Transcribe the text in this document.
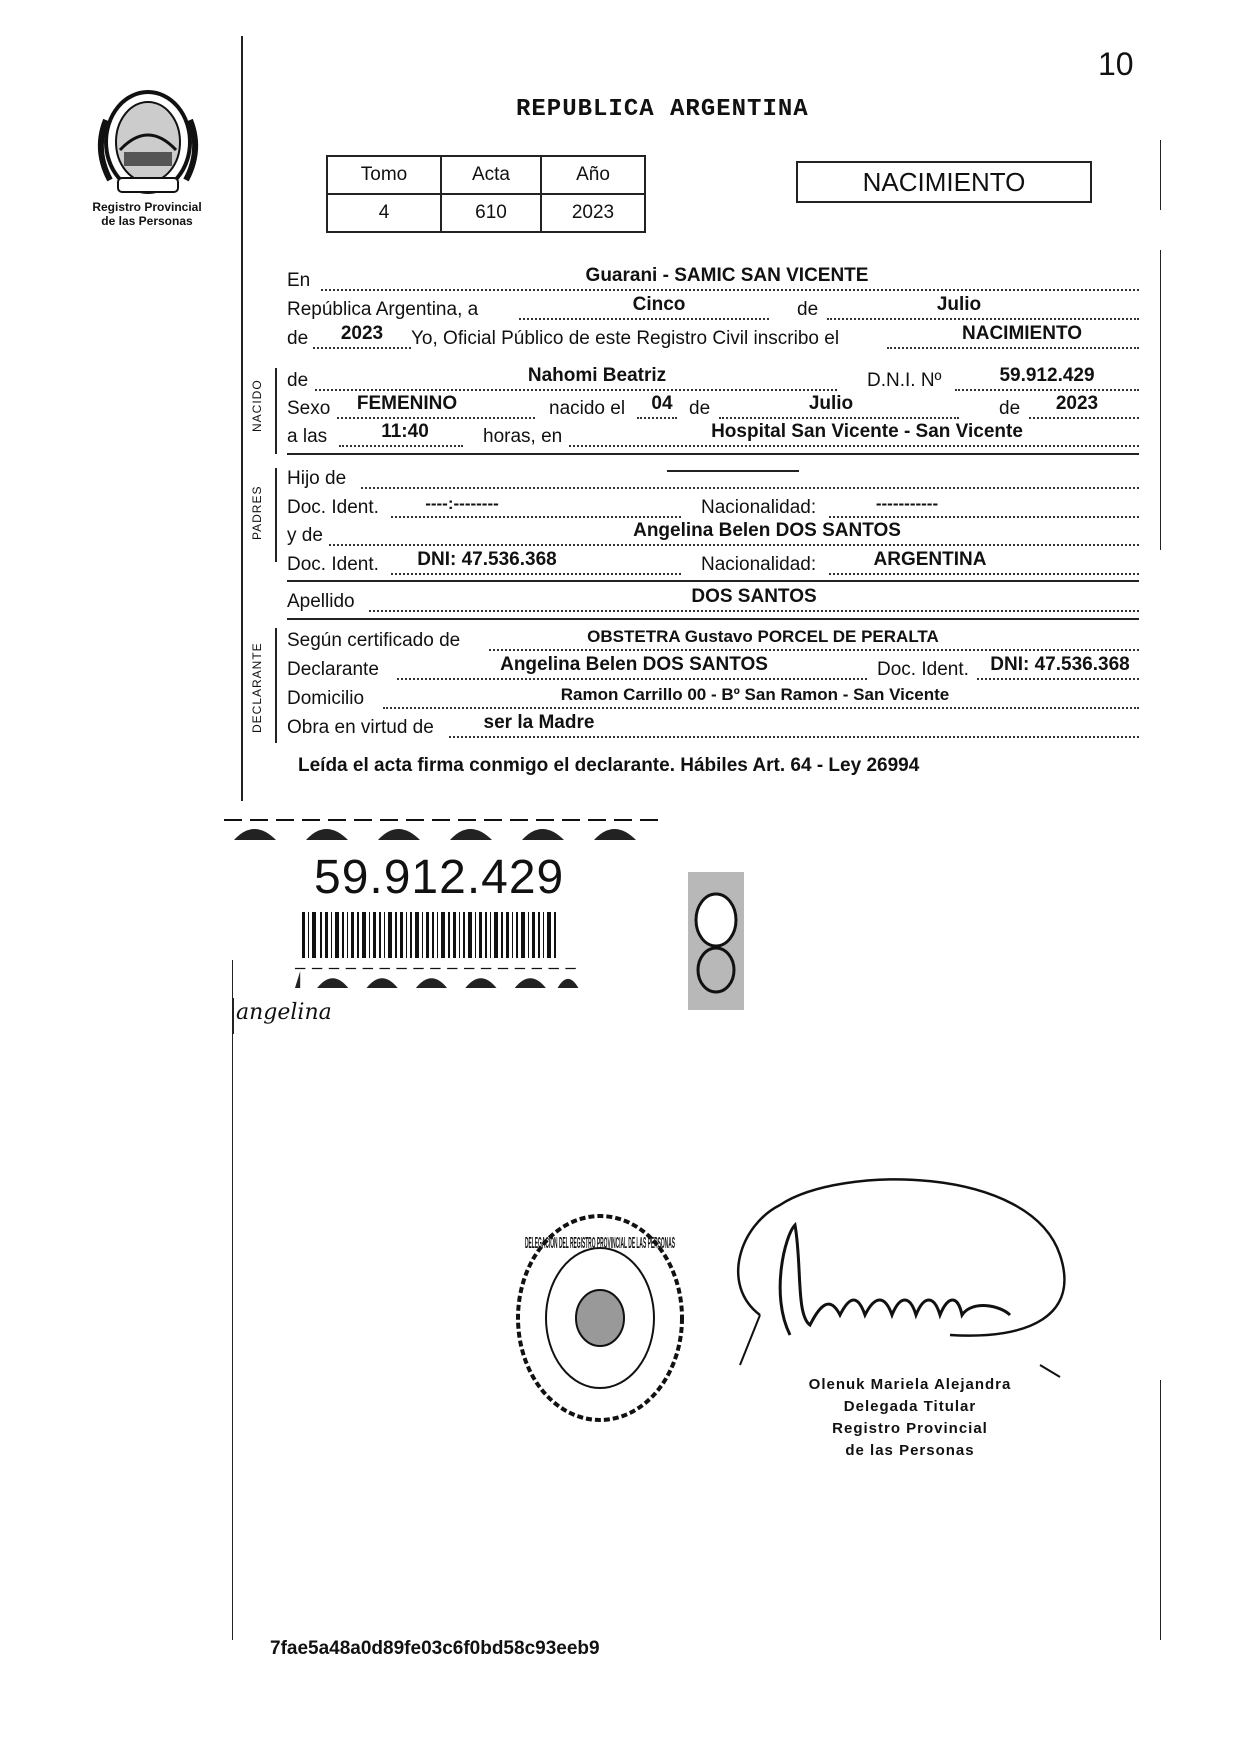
10
Registro Provincial
de las Personas
REPUBLICA ARGENTINA
Tomo	Acta	Año
4	610	2023
NACIMIENTO
En	Guarani - SAMIC SAN VICENTE
República Argentina, a	Cinco	de	Julio
de 2023 Yo, Oficial Público de este Registro Civil inscribo el	NACIMIENTO
NACIDO de	Nahomi Beatriz	D.N.I. Nº	59.912.429
Sexo FEMENINO	nacido el 04 de	Julio	de 2023
a las	11:40	horas, en	Hospital San Vicente - San Vicente
PADRES
Hijo de
Doc. Ident.	----:--------	Nacionalidad:	-----------
y de	Angelina Belen DOS SANTOS
Doc. Ident. DNI: 47.536.368	Nacionalidad:	ARGENTINA
Apellido	DOS SANTOS
DECLARANTE
Según certificado de	OBSTETRA Gustavo PORCEL DE PERALTA
Declarante	Angelina Belen DOS SANTOS	Doc. Ident. DNI: 47.536.368
Domicilio	Ramon Carrillo 00 - Bº San Ramon - San Vicente
Obra en virtud de	ser la Madre
Leída el acta firma conmigo el declarante. Hábiles Art. 64 - Ley 26994
59.912.429
angelina
DELEGACION DEL REGISTRO PROVINCIAL DE LAS PERSONAS
Olenuk Mariela Alejandra
Delegada Titular
Registro Provincial
de las Personas
7fae5a48a0d89fe03c6f0bd58c93eeb9
